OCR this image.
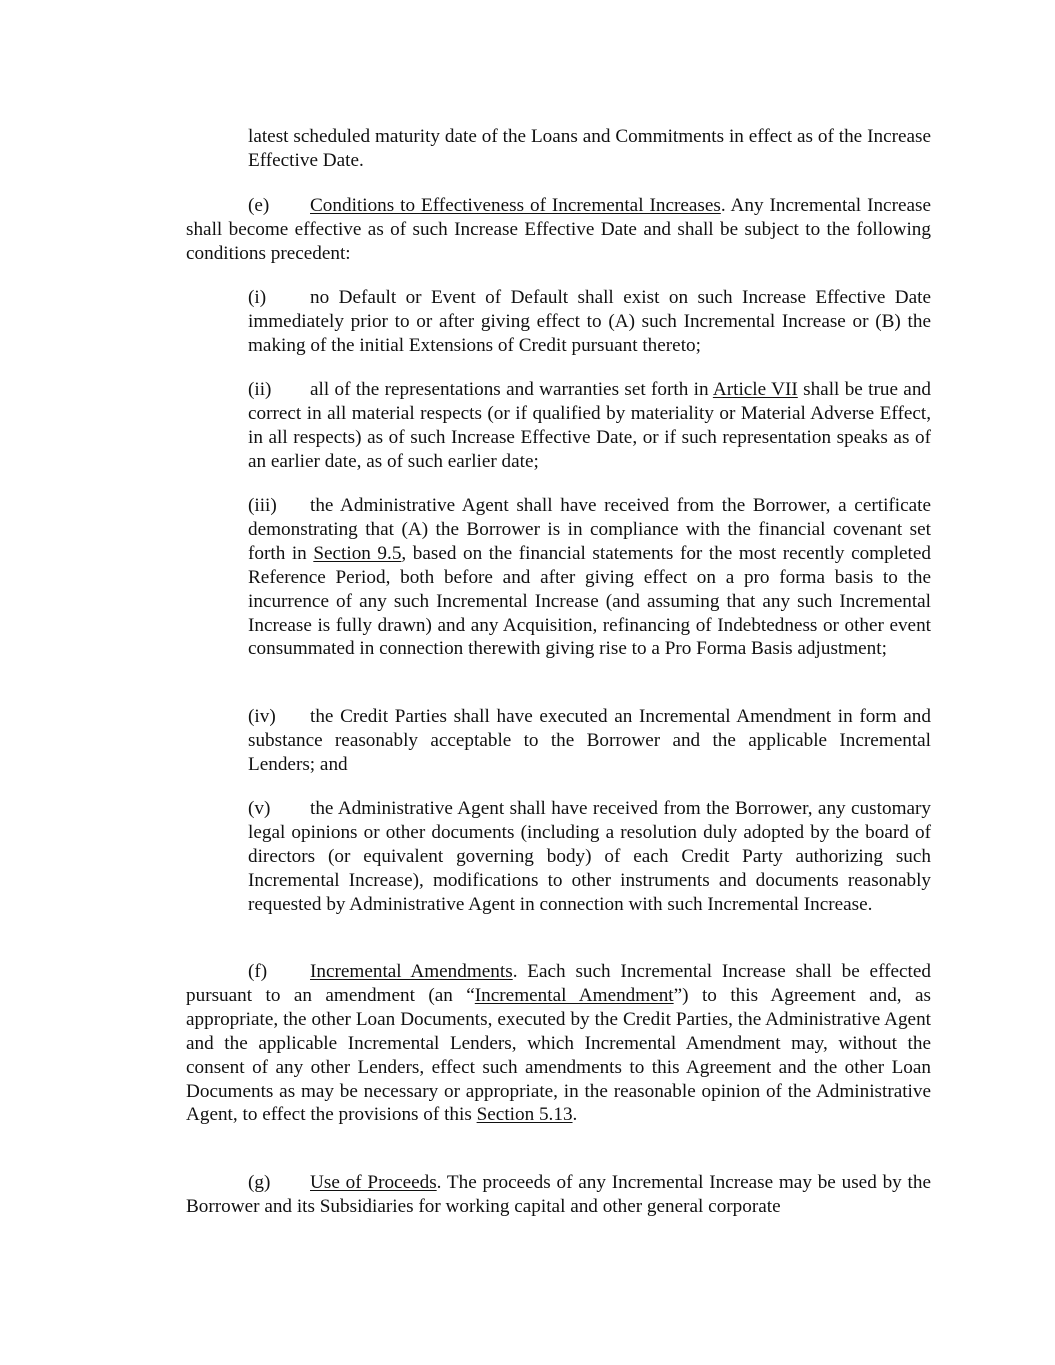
latest scheduled maturity date of the Loans and Commitments in effect as of the Increase Effective Date.

(e) Conditions to Effectiveness of Incremental Increases. Any Incremental Increase shall become effective as of such Increase Effective Date and shall be subject to the following conditions precedent:

(i) no Default or Event of Default shall exist on such Increase Effective Date immediately prior to or after giving effect to (A) such Incremental Increase or (B) the making of the initial Extensions of Credit pursuant thereto;

(ii) all of the representations and warranties set forth in Article VII shall be true and correct in all material respects (or if qualified by materiality or Material Adverse Effect, in all respects) as of such Increase Effective Date, or if such representation speaks as of an earlier date, as of such earlier date;

(iii) the Administrative Agent shall have received from the Borrower, a certificate demonstrating that (A) the Borrower is in compliance with the financial covenant set forth in Section 9.5, based on the financial statements for the most recently completed Reference Period, both before and after giving effect on a pro forma basis to the incurrence of any such Incremental Increase (and assuming that any such Incremental Increase is fully drawn) and any Acquisition, refinancing of Indebtedness or other event consummated in connection therewith giving rise to a Pro Forma Basis adjustment;

(iv) the Credit Parties shall have executed an Incremental Amendment in form and substance reasonably acceptable to the Borrower and the applicable Incremental Lenders; and

(v) the Administrative Agent shall have received from the Borrower, any customary legal opinions or other documents (including a resolution duly adopted by the board of directors (or equivalent governing body) of each Credit Party authorizing such Incremental Increase), modifications to other instruments and documents reasonably requested by Administrative Agent in connection with such Incremental Increase.

(f) Incremental Amendments. Each such Incremental Increase shall be effected pursuant to an amendment (an “Incremental Amendment”) to this Agreement and, as appropriate, the other Loan Documents, executed by the Credit Parties, the Administrative Agent and the applicable Incremental Lenders, which Incremental Amendment may, without the consent of any other Lenders, effect such amendments to this Agreement and the other Loan Documents as may be necessary or appropriate, in the reasonable opinion of the Administrative Agent, to effect the provisions of this Section 5.13.

(g) Use of Proceeds. The proceeds of any Incremental Increase may be used by the Borrower and its Subsidiaries for working capital and other general corporate
